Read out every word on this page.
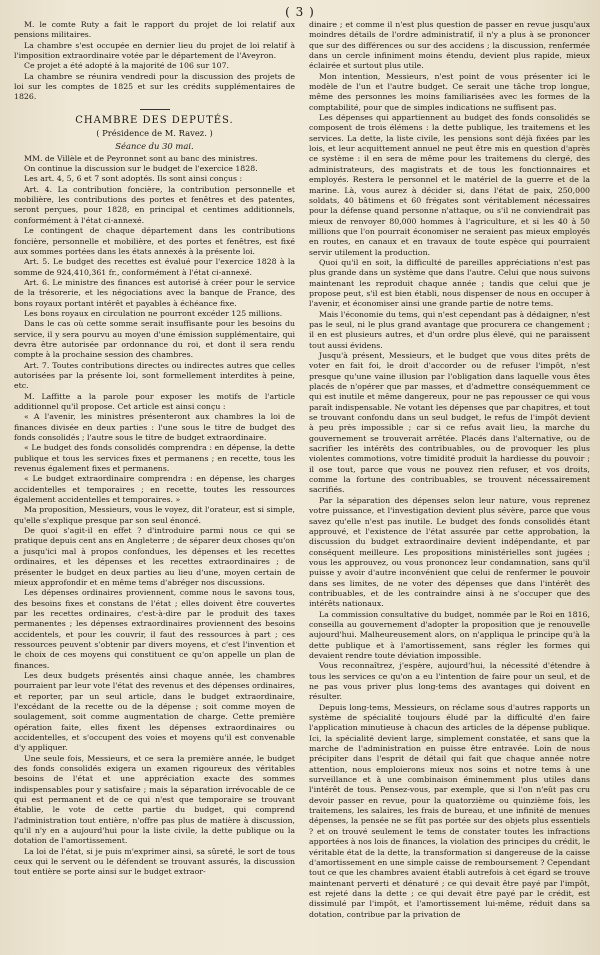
( 3 )

M. le comte Ruty a fait le rapport du projet de loi relatif aux pensions militaires.

La chambre s'est occupée en dernier lieu du projet de loi relatif à l'imposition extraordinaire votée par le département de l'Aveyron.

Ce projet a été adopté à la majorité de 106 sur 107.

La chambre se réunira vendredi pour la discussion des projets de loi sur les comptes de 1825 et sur les crédits supplémentaires de 1826.

CHAMBRE DES DEPUTÉS.
( Présidence de M. Ravez. )
Séance du 30 mai.

MM. de Villèle et de Peyronnet sont au banc des ministres.

On continue la discussion sur le budget de l'exercice 1828.

Les art. 4, 5, 6 et 7 sont adoptés. Ils sont ainsi conçus :

Art. 4. La contribution foncière, la contribution personnelle et mobilière, les contributions des portes et fenêtres et des patentes, seront perçues, pour 1828, en principal et centimes additionnels, conformément à l'état ci-annexé.

Le contingent de chaque département dans les contributions foncière, personnelle et mobilière, et des portes et fenêtres, est fixé aux sommes portées dans les états annexés à la présente loi.

Art. 5. Le budget des recettes est évalué pour l'exercice 1828 à la somme de 924,410,361 fr., conformément à l'état ci-annexé.

Art. 6. Le ministre des finances est autorisé à créer pour le service de la trésorerie, et les négociations avec la banque de France, des bons royaux portant intérêt et payables à échéance fixe.

Les bons royaux en circulation ne pourront excéder 125 millions.

Dans le cas où cette somme serait insuffisante pour les besoins du service, il y sera pourvu au moyen d'une émission supplémentaire, qui devra être autorisée par ordonnance du roi, et dont il sera rendu compte à la prochaine session des chambres.

Art. 7. Toutes contributions directes ou indirectes autres que celles autorisées par la présente loi, sont formellement interdites à peine, etc.

M. Laffitte a la parole pour exposer les motifs de l'article additionnel qu'il propose. Cet article est ainsi conçu :

« A l'avenir, les ministres présenteront aux chambres la loi de finances divisée en deux parties : l'une sous le titre de budget des fonds consolidés ; l'autre sous le titre de budget extraordinaire.

« Le budget des fonds consolidés comprendra : en dépense, la dette publique et tous les services fixes et permanens ; en recette, tous les revenus également fixes et permanens.

« Le budget extraordinaire comprendra : en dépense, les charges accidentelles et temporaires ; en recette, toutes les ressources également accidentelles et temporaires. »

Ma proposition, Messieurs, vous le voyez, dit l'orateur, est si simple, qu'elle s'explique presque par son seul énoncé.

De quoi s'agit-il en effet ? d'introduire parmi nous ce qui se pratique depuis cent ans en Angleterre ; de séparer deux choses qu'on a jusqu'ici mal à propos confondues, les dépenses et les recettes ordinaires, et les dépenses et les recettes extraordinaires ; de présenter le budget en deux parties au lieu d'une, moyen certain de mieux approfondir et en même tems d'abréger nos discussions.

Les dépenses ordinaires proviennent, comme nous le savons tous, des besoins fixes et constans de l'état ; elles doivent être couvertes par les recettes ordinaires, c'est-à-dire par le produit des taxes permanentes ; les dépenses extraordinaires proviennent des besoins accidentels, et pour les couvrir, il faut des ressources à part ; ces ressources peuvent s'obtenir par divers moyens, et c'est l'invention et le choix de ces moyens qui constituent ce qu'on appelle un plan de finances.

Les deux budgets présentés ainsi chaque année, les chambres pourraient par leur vote l'état des revenus et des dépenses ordinaires, et reporter, par un seul article, dans le budget extraordinaire, l'excédant de la recette ou de la dépense ; soit comme moyen de soulagement, soit comme augmentation de charge. Cette première opération faite, elles fixent les dépenses extraordinaires ou accidentelles, et s'occupent des voies et moyens qu'il est convenable d'y appliquer.

Une seule fois, Messieurs, et ce sera la première année, le budget des fonds consolidés exigera un examen rigoureux des véritables besoins de l'état et une appréciation exacte des sommes indispensables pour y satisfaire ; mais la séparation irrévocable de ce qui est permanent et de ce qui n'est que temporaire se trouvant établie, le vote de cette partie du budget, qui comprend l'administration tout entière, n'offre pas plus de matière à discussion, qu'il n'y en a aujourd'hui pour la liste civile, la dette publique ou la dotation de l'amortissement.

La loi de l'état, si je puis m'exprimer ainsi, sa sûreté, le sort de tous ceux qui le servent ou le défendent se trouvant assurés, la discussion tout entière se porte ainsi sur le budget extraor-

dinaire ; et comme il n'est plus question de passer en revue jusqu'aux moindres détails de l'ordre administratif, il n'y a plus à se prononcer que sur des différences ou sur des accidens ; la discussion, renfermée dans un cercle infiniment moins étendu, devient plus rapide, mieux éclairée et surtout plus utile.

Mon intention, Messieurs, n'est point de vous présenter ici le modèle de l'un et l'autre budget. Ce serait une tâche trop longue, même des personnes les moins familiarisées avec les formes de la comptabilité, pour que de simples indications ne suffisent pas.

Les dépenses qui appartiennent au budget des fonds consolidés se composent de trois élémens : la dette publique, les traitemens et les services. La dette, la liste civile, les pensions sont déjà fixées par les lois, et leur acquittement annuel ne peut être mis en question d'après ce système : il en sera de même pour les traitemens du clergé, des administrateurs, des magistrats et de tous les fonctionnaires et employés. Restera le personnel et le matériel de la guerre et de la marine. Là, vous aurez à décider si, dans l'état de paix, 250,000 soldats, 40 bâtimens et 60 frégates sont véritablement nécessaires pour la défense quand personne n'attaque, ou s'il ne conviendrait pas mieux de renvoyer 80,000 hommes à l'agriculture, et si les 40 à 50 millions que l'on pourrait économiser ne seraient pas mieux employés en routes, en canaux et en travaux de toute espèce qui pourraient servir utilement la production.

Quoi qu'il en soit, la difficulté de pareilles appréciations n'est pas plus grande dans un système que dans l'autre. Celui que nous suivons maintenant les reproduit chaque année ; tandis que celui que je propose peut, s'il est bien établi, nous dispenser de nous en occuper à l'avenir, et économiser ainsi une grande partie de notre tems.

Mais l'économie du tems, qui n'est cependant pas à dédaigner, n'est pas le seul, ni le plus grand avantage que procurera ce changement ; il en est plusieurs autres, et d'un ordre plus élevé, qui ne paraissent tout aussi évidens.

Jusqu'à présent, Messieurs, et le budget que vous dites prêts de voter en fait foi, le droit d'accorder ou de refuser l'impôt, n'est presque qu'une vaine illusion par l'obligation dans laquelle vous êtes placés de n'opérer que par masses, et d'admettre conséquemment ce qui est inutile et même dangereux, pour ne pas repousser ce qui vous paraît indispensable. Ne votant les dépenses que par chapitres, et tout se trouvant confondu dans un seul budget, le refus de l'impôt devient à peu près impossible ; car si ce refus avait lieu, la marche du gouvernement se trouverait arrêtée. Placés dans l'alternative, ou de sacrifier les intérêts des contribuables, ou de provoquer les plus violentes commotions, votre timidité produit la hardiesse du pouvoir ; il ose tout, parce que vous ne pouvez rien refuser, et vos droits, comme la fortune des contribuables, se trouvent nécessairement sacrifiés.

Par la séparation des dépenses selon leur nature, vous reprenez votre puissance, et l'investigation devient plus sévère, parce que vous savez qu'elle n'est pas inutile. Le budget des fonds consolidés étant approuvé, et l'existence de l'état assurée par cette approbation, la discussion du budget extraordinaire devient indépendante, et par conséquent meilleure. Les propositions ministérielles sont jugées ; vous les approuvez, ou vous prononcez leur condamnation, sans qu'il puisse y avoir d'autre inconvénient que celui de renfermer le pouvoir dans ses limites, de ne voter des dépenses que dans l'intérêt des contribuables, et de les contraindre ainsi à ne s'occuper que des intérêts nationaux.

La commission consultative du budget, nommée par le Roi en 1816, conseilla au gouvernement d'adopter la proposition que je renouvelle aujourd'hui. Malheureusement alors, on n'appliqua le principe qu'à la dette publique et à l'amortissement, sans régler les formes qui devaient rendre toute déviation impossible.

Vous reconnaîtrez, j'espère, aujourd'hui, la nécessité d'étendre à tous les services ce qu'on a eu l'intention de faire pour un seul, et de ne pas vous priver plus long-tems des avantages qui doivent en résulter.

Depuis long-tems, Messieurs, on réclame sous d'autres rapports un système de spécialité toujours éludé par la difficulté d'en faire l'application minutieuse à chacun des articles de la dépense publique. Ici, la spécialité devient large, simplement constatée, et sans que la marche de l'administration en puisse être entravée. Loin de nous précipiter dans l'esprit de détail qui fait que chaque année notre attention, nous emploierons mieux nos soins et notre tems à une surveillance et à une combinaison éminemment plus utiles dans l'intérêt de tous. Pensez-vous, par exemple, que si l'on n'eût pas cru devoir passer en revue, pour la quatorzième ou quinzième fois, les traitemens, les salaires, les frais de bureau, et une infinité de menues dépenses, la pensée ne se fût pas portée sur des objets plus essentiels ? et on trouvé seulement le tems de constater toutes les infractions apportées à nos lois de finances, la violation des principes du crédit, le véritable état de la dette, la transformation si dangereuse de la caisse d'amortissement en une simple caisse de remboursement ? Cependant tout ce que les chambres avaient établi autrefois à cet égard se trouve maintenant perverti et dénaturé ; ce qui devait être payé par l'impôt, est rejeté dans la dette ; ce qui devait être payé par le crédit, est dissimulé par l'impôt, et l'amortissement lui-même, réduit dans sa dotation, contribue par la privation de
